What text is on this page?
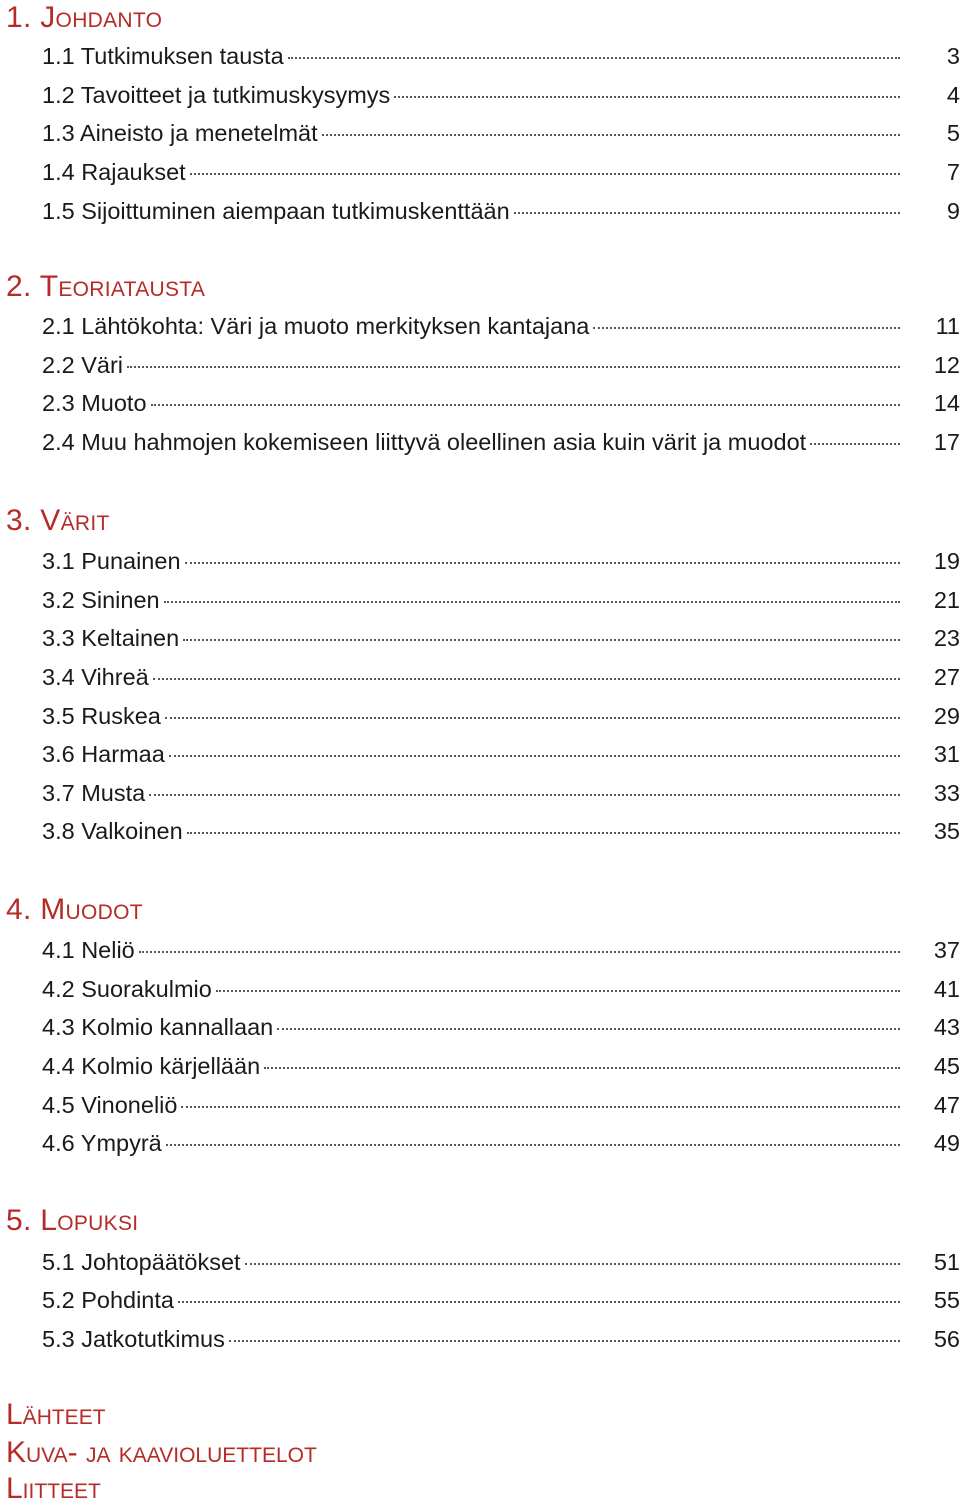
1. Johdanto
1.1 Tutkimuksen tausta	3
1.2 Tavoitteet ja tutkimuskysymys	4
1.3 Aineisto ja menetelmät	5
1.4 Rajaukset	7
1.5 Sijoittuminen aiempaan tutkimuskenttään	9
2. Teoriatausta
2.1 Lähtökohta: Väri ja muoto merkityksen kantajana	11
2.2 Väri	12
2.3 Muoto	14
2.4 Muu hahmojen kokemiseen liittyvä oleellinen asia kuin värit ja muodot	17
3. Värit
3.1 Punainen	19
3.2 Sininen	21
3.3 Keltainen	23
3.4 Vihreä	27
3.5 Ruskea	29
3.6 Harmaa	31
3.7 Musta	33
3.8 Valkoinen	35
4. Muodot
4.1 Neliö	37
4.2 Suorakulmio	41
4.3 Kolmio kannallaan	43
4.4 Kolmio kärjellään	45
4.5 Vinoneliö	47
4.6 Ympyrä	49
5. Lopuksi
5.1 Johtopäätökset	51
5.2 Pohdinta	55
5.3 Jatkotutkimus	56
Lähteet
Kuva- ja kaavioluettelot
Liitteet
